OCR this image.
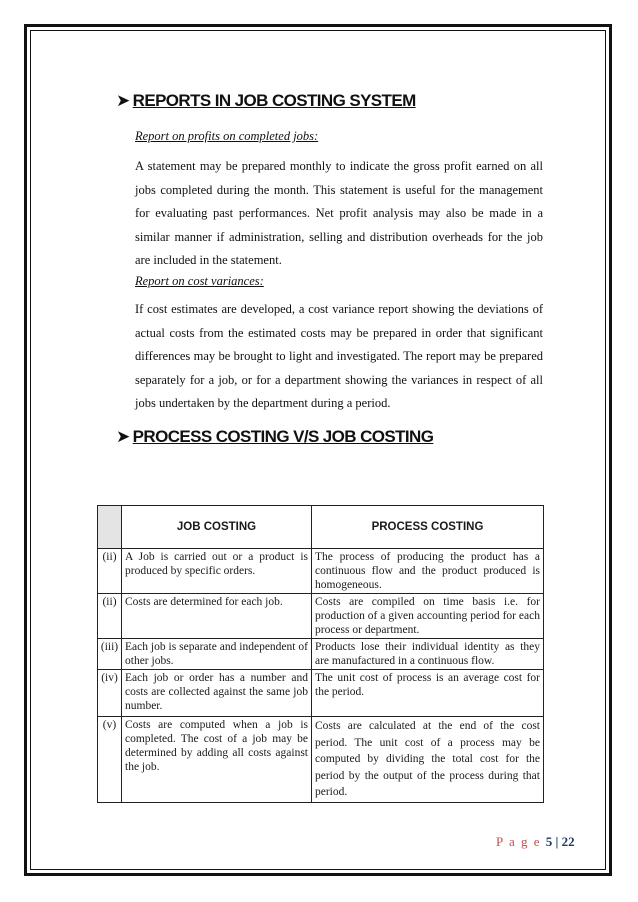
➤ REPORTS IN JOB COSTING SYSTEM
Report on profits on completed jobs:
A statement may be prepared monthly to indicate the gross profit earned on all jobs completed during the month. This statement is useful for the management for evaluating past performances. Net profit analysis may also be made in a similar manner if administration, selling and distribution overheads for the job are included in the statement.
Report on cost variances:
If cost estimates are developed, a cost variance report showing the deviations of actual costs from the estimated costs may be prepared in order that significant differences may be brought to light and investigated. The report may be prepared separately for a job, or for a department showing the variances in respect of all jobs undertaken by the department during a period.
➤ PROCESS COSTING V/S JOB COSTING
	JOB COSTING	PROCESS COSTING
(ii)	A Job is carried out or a product is produced by specific orders.	The process of producing the product has a continuous flow and the product produced is homogeneous.
(ii)	Costs are determined for each job.	Costs are compiled on time basis i.e. for production of a given accounting period for each process or department.
(iii)	Each job is separate and independent of other jobs.	Products lose their individual identity as they are manufactured in a continuous flow.
(iv)	Each job or order has a number and costs are collected against the same job number.	The unit cost of process is an average cost for the period.
(v)	Costs are computed when a job is completed. The cost of a job may be determined by adding all costs against the job.	Costs are calculated at the end of the cost period. The unit cost of a process may be computed by dividing the total cost for the period by the output of the process during that period.
P a g e 5 | 22
